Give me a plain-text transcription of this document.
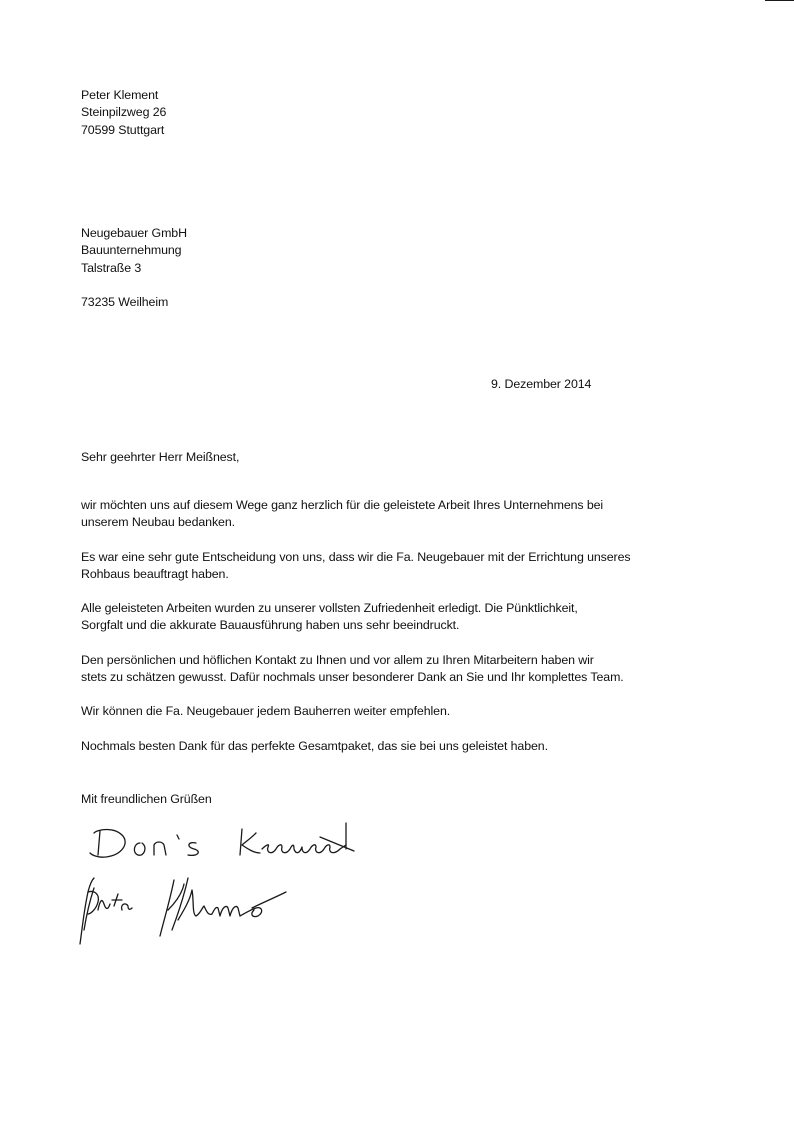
Peter Klement
Steinpilzweg 26
70599 Stuttgart
Neugebauer GmbH
Bauunternehmung
Talstraße 3
73235 Weilheim
9. Dezember 2014
Sehr geehrter Herr Meißnest,
wir möchten uns auf diesem Wege ganz herzlich für die geleistete Arbeit Ihres Unternehmens bei
unserem Neubau bedanken.
Es war eine sehr gute Entscheidung von uns, dass wir die Fa. Neugebauer mit der Errichtung unseres
Rohbaus beauftragt haben.
Alle geleisteten Arbeiten wurden zu unserer vollsten Zufriedenheit erledigt. Die Pünktlichkeit,
Sorgfalt und die akkurate Bauausführung haben uns sehr beeindruckt.
Den persönlichen und höflichen Kontakt zu Ihnen und vor allem zu Ihren Mitarbeitern haben wir
stets zu schätzen gewusst. Dafür nochmals unser besonderer Dank an Sie und Ihr komplettes Team.
Wir können die Fa. Neugebauer jedem Bauherren weiter empfehlen.
Nochmals besten Dank für das perfekte Gesamtpaket, das sie bei uns geleistet haben.
Mit freundlichen Grüßen
